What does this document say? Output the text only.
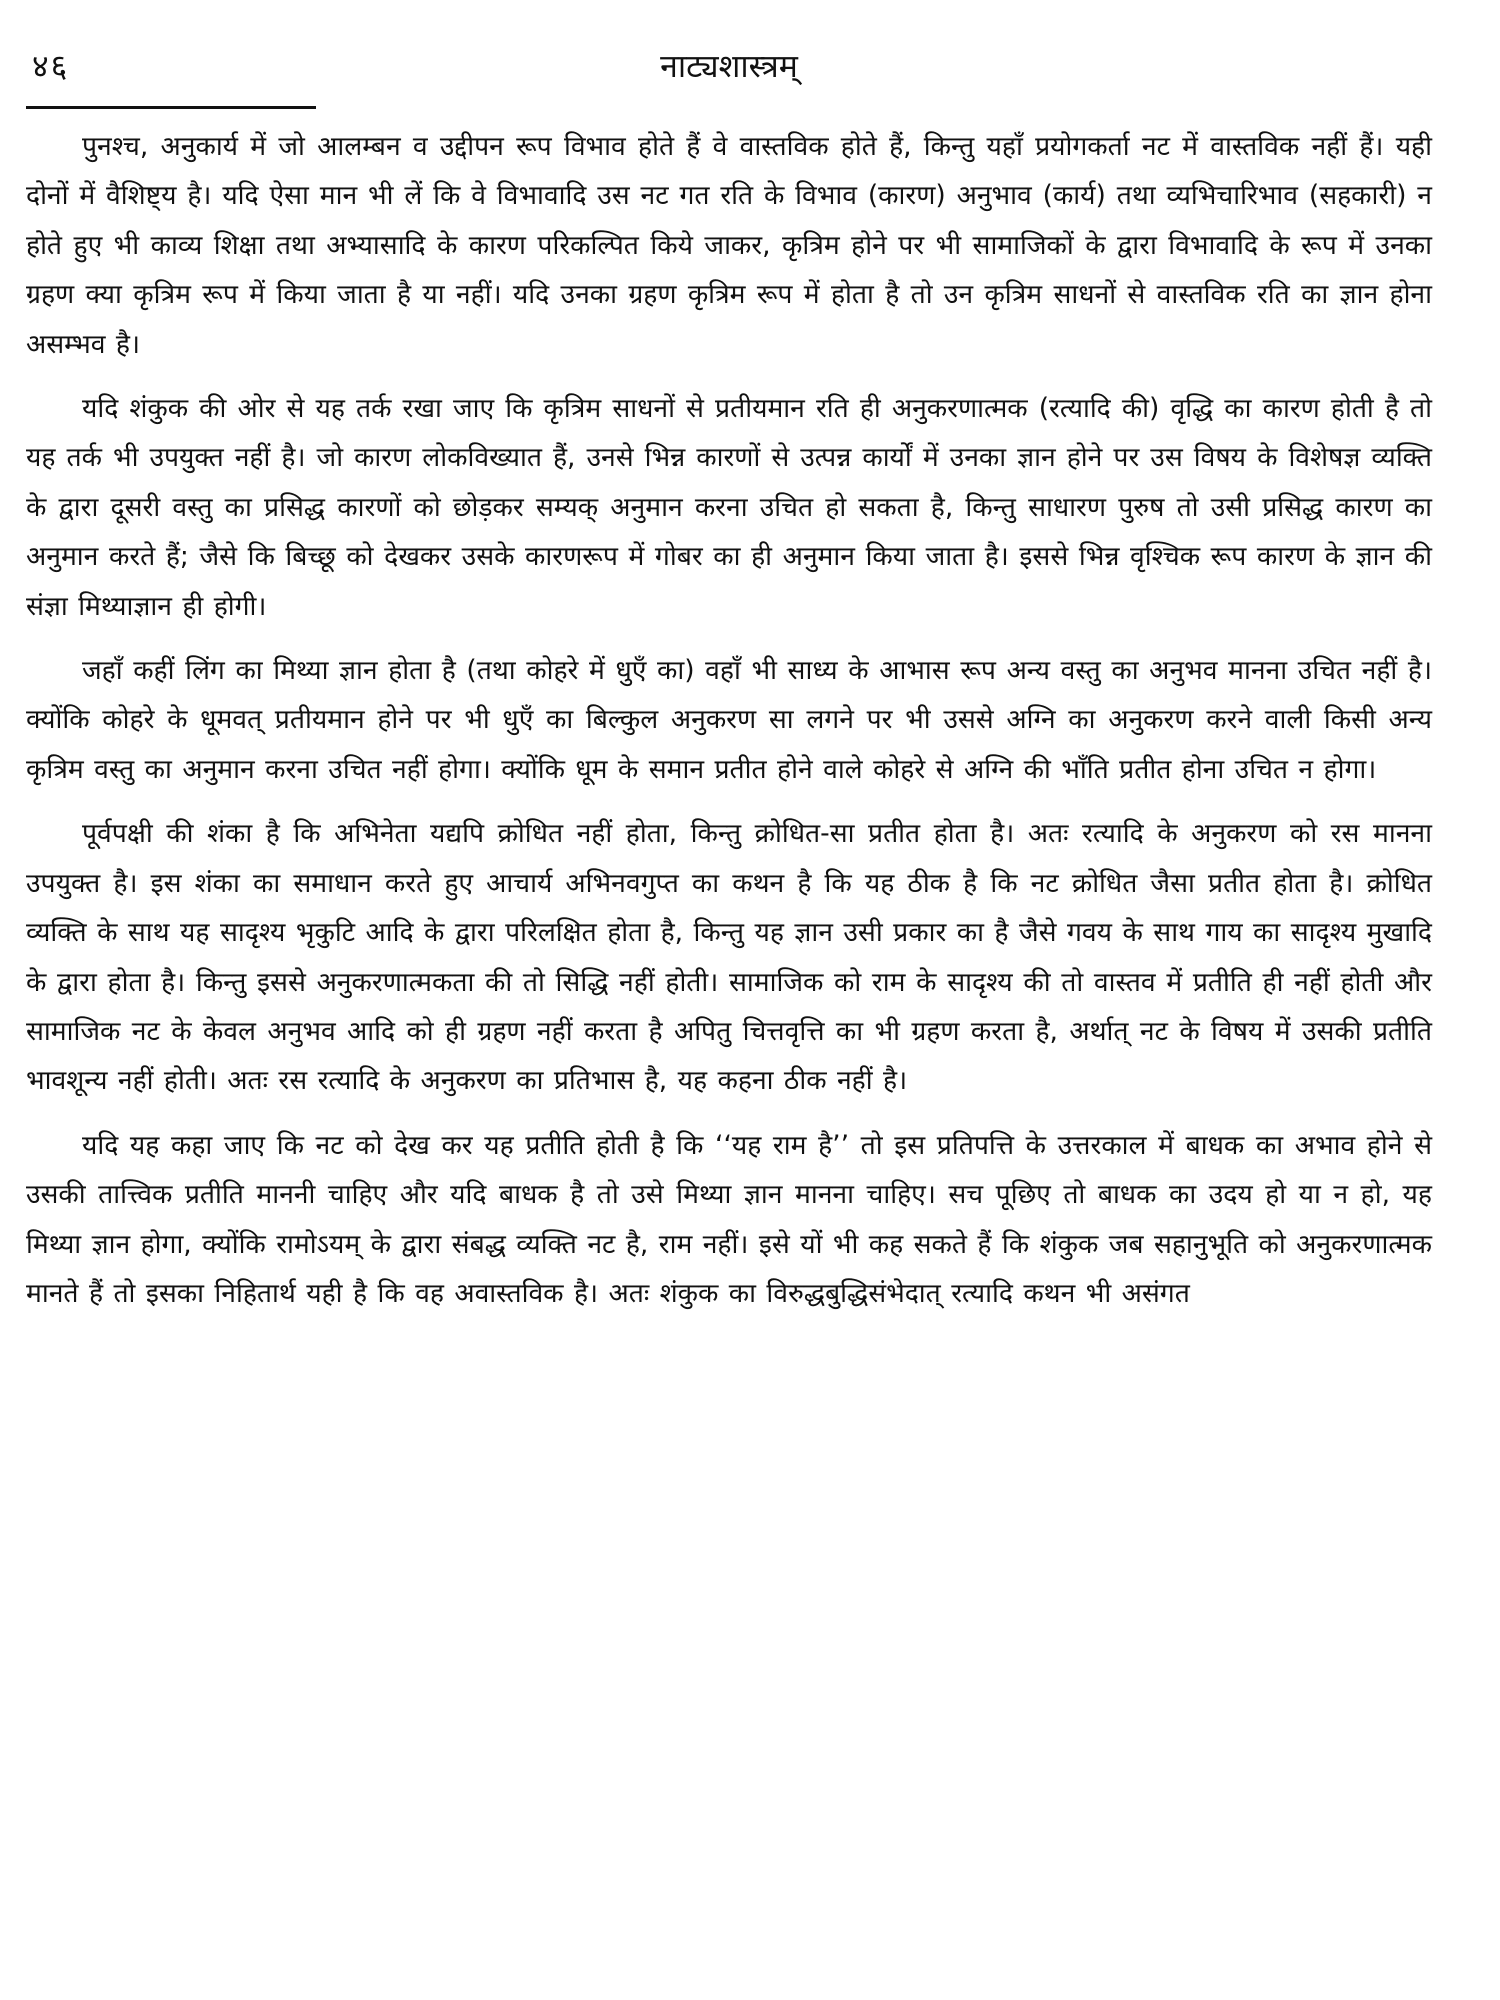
४६	नाट्यशास्त्रम्

पुनश्च, अनुकार्य में जो आलम्बन व उद्दीपन रूप विभाव होते हैं वे वास्तविक होते हैं, किन्तु यहाँ प्रयोगकर्ता नट में वास्तविक नहीं हैं। यही दोनों में वैशिष्ट्य है। यदि ऐसा मान भी लें कि वे विभावादि उस नट गत रति के विभाव (कारण) अनुभाव (कार्य) तथा व्यभिचारिभाव (सहकारी) न होते हुए भी काव्य शिक्षा तथा अभ्यासादि के कारण परिकल्पित किये जाकर, कृत्रिम होने पर भी सामाजिकों के द्वारा विभावादि के रूप में उनका ग्रहण क्या कृत्रिम रूप में किया जाता है या नहीं। यदि उनका ग्रहण कृत्रिम रूप में होता है तो उन कृत्रिम साधनों से वास्तविक रति का ज्ञान होना असम्भव है।

यदि शंकुक की ओर से यह तर्क रखा जाए कि कृत्रिम साधनों से प्रतीयमान रति ही अनुकरणात्मक (रत्यादि की) वृद्धि का कारण होती है तो यह तर्क भी उपयुक्त नहीं है। जो कारण लोकविख्यात हैं, उनसे भिन्न कारणों से उत्पन्न कार्यों में उनका ज्ञान होने पर उस विषय के विशेषज्ञ व्यक्ति के द्वारा दूसरी वस्तु का प्रसिद्ध कारणों को छोड़कर सम्यक् अनुमान करना उचित हो सकता है, किन्तु साधारण पुरुष तो उसी प्रसिद्ध कारण का अनुमान करते हैं; जैसे कि बिच्छू को देखकर उसके कारणरूप में गोबर का ही अनुमान किया जाता है। इससे भिन्न वृश्चिक रूप कारण के ज्ञान की संज्ञा मिथ्याज्ञान ही होगी।

जहाँ कहीं लिंग का मिथ्या ज्ञान होता है (तथा कोहरे में धुएँ का) वहाँ भी साध्य के आभास रूप अन्य वस्तु का अनुभव मानना उचित नहीं है। क्योंकि कोहरे के धूमवत् प्रतीयमान होने पर भी धुएँ का बिल्कुल अनुकरण सा लगने पर भी उससे अग्नि का अनुकरण करने वाली किसी अन्य कृत्रिम वस्तु का अनुमान करना उचित नहीं होगा। क्योंकि धूम के समान प्रतीत होने वाले कोहरे से अग्नि की भाँति प्रतीत होना उचित न होगा।

पूर्वपक्षी की शंका है कि अभिनेता यद्यपि क्रोधित नहीं होता, किन्तु क्रोधित-सा प्रतीत होता है। अतः रत्यादि के अनुकरण को रस मानना उपयुक्त है। इस शंका का समाधान करते हुए आचार्य अभिनवगुप्त का कथन है कि यह ठीक है कि नट क्रोधित जैसा प्रतीत होता है। क्रोधित व्यक्ति के साथ यह सादृश्य भृकुटि आदि के द्वारा परिलक्षित होता है, किन्तु यह ज्ञान उसी प्रकार का है जैसे गवय के साथ गाय का सादृश्य मुखादि के द्वारा होता है। किन्तु इससे अनुकरणात्मकता की तो सिद्धि नहीं होती। सामाजिक को राम के सादृश्य की तो वास्तव में प्रतीति ही नहीं होती और सामाजिक नट के केवल अनुभव आदि को ही ग्रहण नहीं करता है अपितु चित्तवृत्ति का भी ग्रहण करता है, अर्थात् नट के विषय में उसकी प्रतीति भावशून्य नहीं होती। अतः रस रत्यादि के अनुकरण का प्रतिभास है, यह कहना ठीक नहीं है।

यदि यह कहा जाए कि नट को देख कर यह प्रतीति होती है कि ‘‘यह राम है’’ तो इस प्रतिपत्ति के उत्तरकाल में बाधक का अभाव होने से उसकी तात्त्विक प्रतीति माननी चाहिए और यदि बाधक है तो उसे मिथ्या ज्ञान मानना चाहिए। सच पूछिए तो बाधक का उदय हो या न हो, यह मिथ्या ज्ञान होगा, क्योंकि रामोऽयम् के द्वारा संबद्ध व्यक्ति नट है, राम नहीं। इसे यों भी कह सकते हैं कि शंकुक जब सहानुभूति को अनुकरणात्मक मानते हैं तो इसका निहितार्थ यही है कि वह अवास्तविक है। अतः शंकुक का विरुद्धबुद्धिसंभेदात् रत्यादि कथन भी असंगत
